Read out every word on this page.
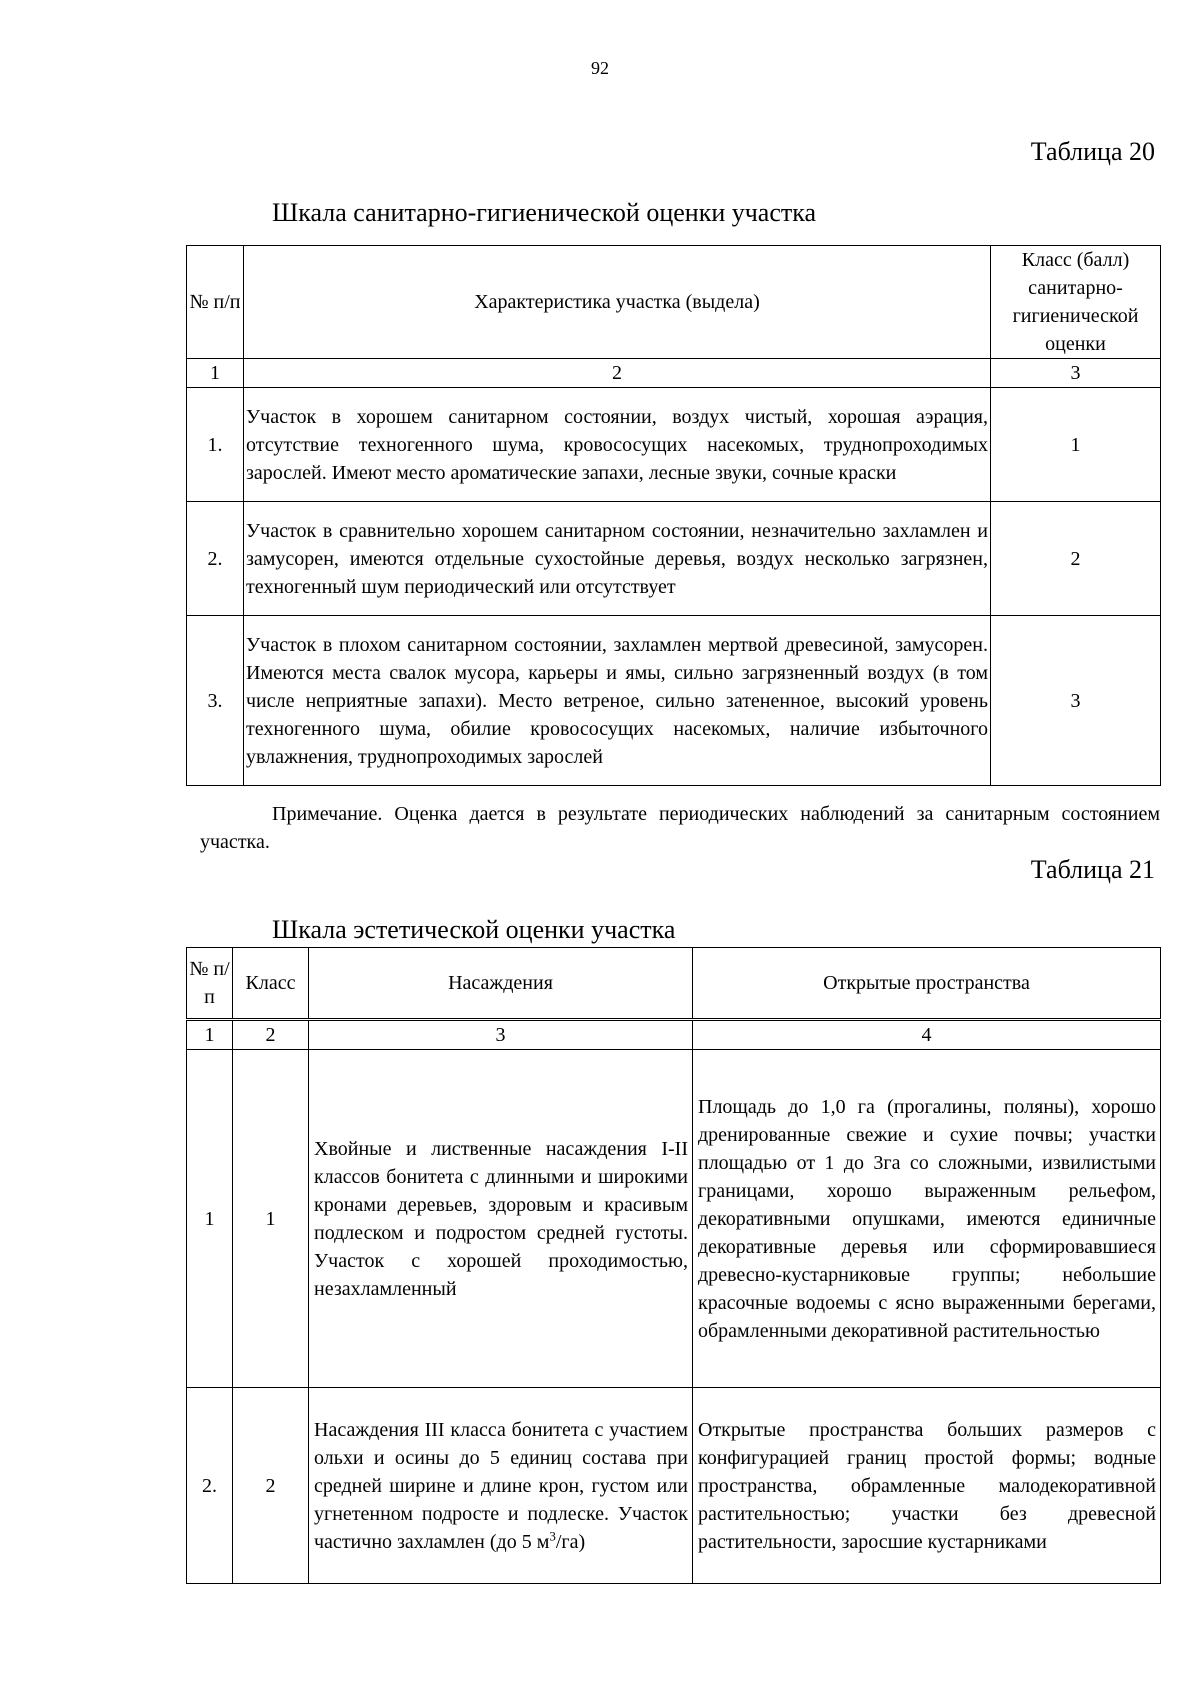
92
Таблица 20
Шкала санитарно-гигиенической оценки участка
№ п/п	Характеристика участка (выдела)	Класс (балл) санитарно-гигиенической оценки
1	2	3
1.	Участок в хорошем санитарном состоянии, воздух чистый, хорошая аэрация, отсутствие техногенного шума, кровососущих насекомых, труднопроходимых зарослей. Имеют место ароматические запахи, лесные звуки, сочные краски	1
2.	Участок в сравнительно хорошем санитарном состоянии, незначительно захламлен и замусорен, имеются отдельные сухостойные деревья, воздух несколько загрязнен, техногенный шум периодический или отсутствует	2
3.	Участок в плохом санитарном состоянии, захламлен мертвой древесиной, замусорен. Имеются места свалок мусора, карьеры и ямы, сильно загрязненный воздух (в том числе неприятные запахи). Место ветреное, сильно затененное, высокий уровень техногенного шума, обилие кровососущих насекомых, наличие избыточного увлажнения, труднопроходимых зарослей	3

Примечание. Оценка дается в результате периодических наблюдений за санитарным состоянием участка.

Таблица 21
Шкала эстетической оценки участка
№ п/п	Класс	Насаждения	Открытые пространства
1	2	3	4
1	1	Хвойные и лиственные насаждения I-II классов бонитета с длинными и широкими кронами деревьев, здоровым и красивым подлеском и подростом средней густоты. Участок с хорошей проходимостью, незахламленный	Площадь до 1,0 га (прогалины, поляны), хорошо дренированные свежие и сухие почвы; участки площадью от 1 до 3га со сложными, извилистыми границами, хорошо выраженным рельефом, декоративными опушками, имеются единичные декоративные деревья или сформировавшиеся древесно-кустарниковые группы; небольшие красочные водоемы с ясно выраженными берегами, обрамленными декоративной растительностью
2.	2	Насаждения III класса бонитета с участием ольхи и осины до 5 единиц состава при средней ширине и длине крон, густом или угнетенном подросте и подлеске. Участок частично захламлен (до 5 $м^3/га$)	Открытые пространства больших размеров с конфигурацией границ простой формы; водные пространства, обрамленные малодекоративной растительностью; участки без древесной растительности, заросшие кустарниками
